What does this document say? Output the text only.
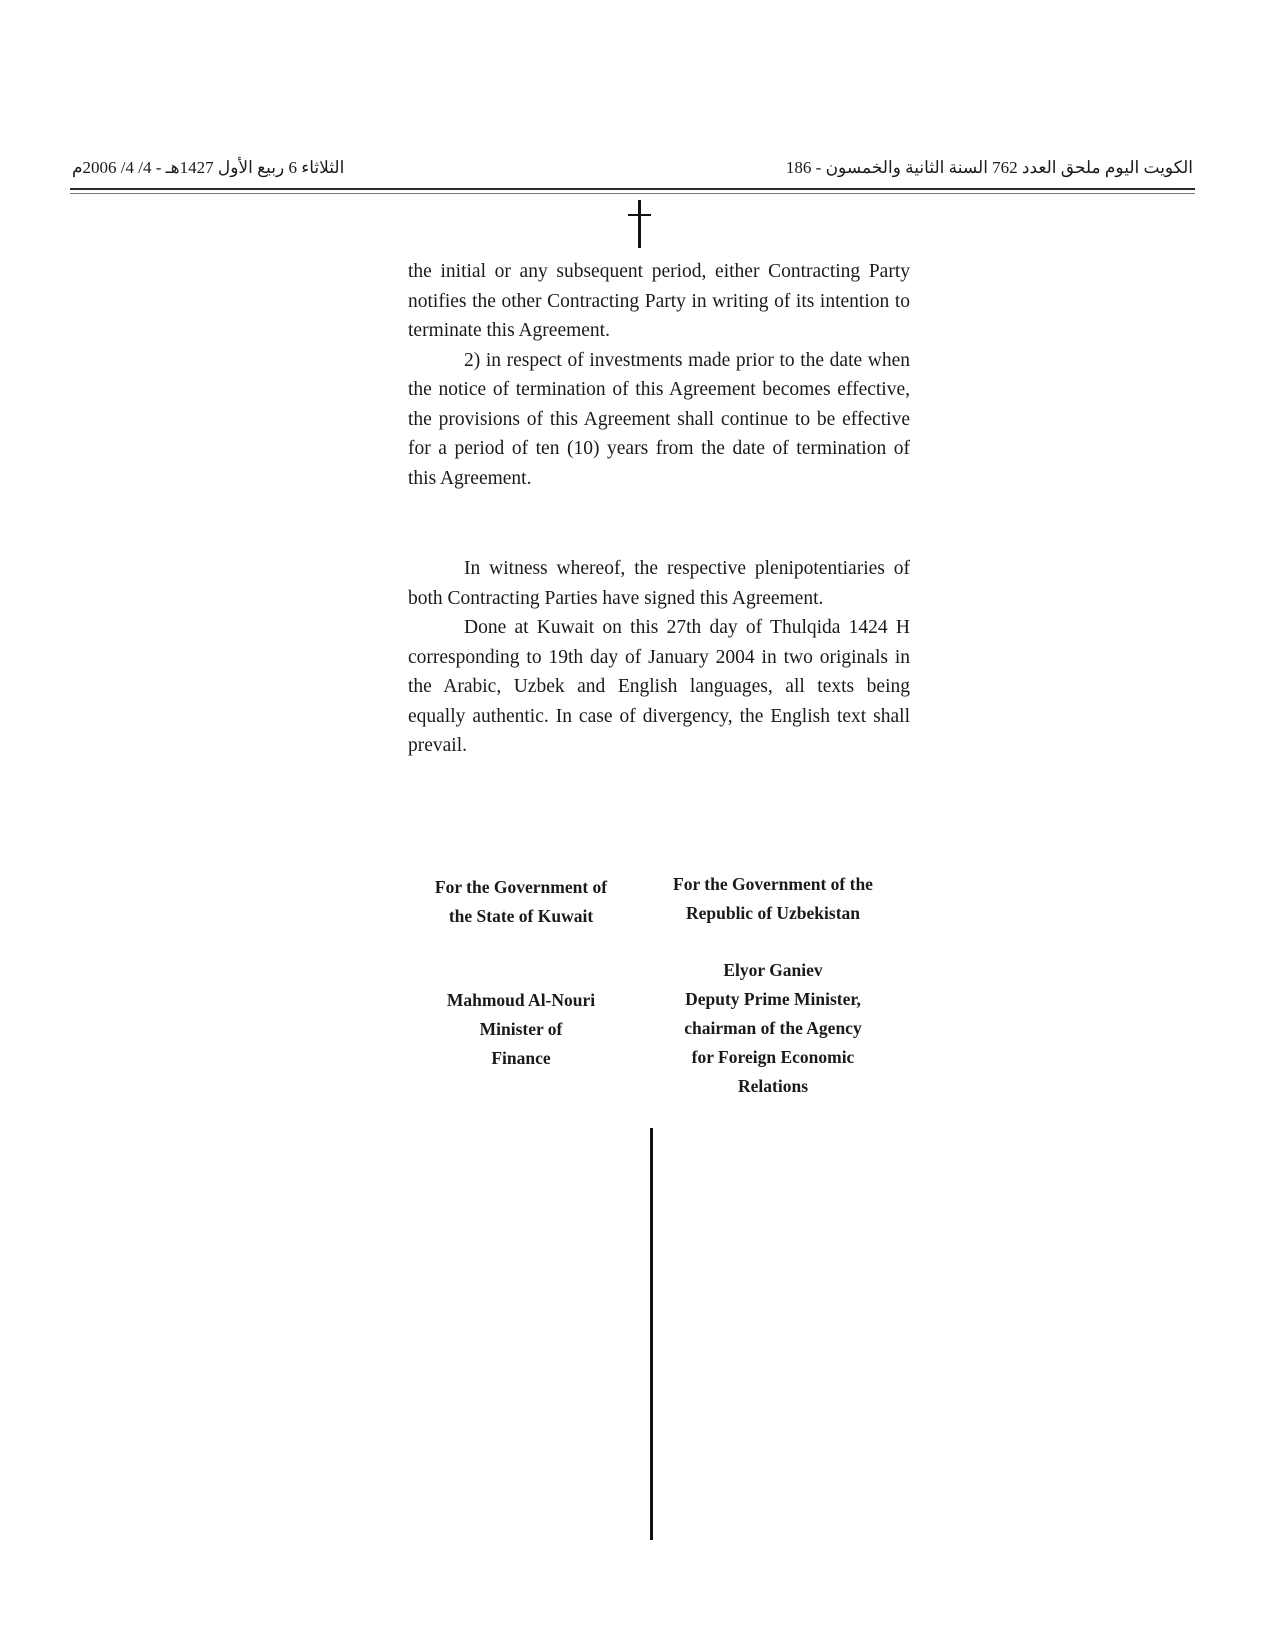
الثلاثاء 6 ربيع الأول 1427هـ - 4/ 4/ 2006م	الكويت اليوم ملحق العدد 762 السنة الثانية والخمسون - 186

the initial or any subsequent period, either Contracting Party notifies the other Contracting Party in writing of its intention to terminate this Agreement.

2) in respect of investments made prior to the date when the notice of termination of this Agreement becomes effective, the provisions of this Agreement shall continue to be effective for a period of ten (10) years from the date of termination of this Agreement.

In witness whereof, the respective plenipotentiaries of both Contracting Parties have signed this Agreement.

Done at Kuwait on this 27th day of Thulqida 1424 H corresponding to 19th day of January 2004 in two originals in the Arabic, Uzbek and English languages, all texts being equally authentic. In case of divergency, the English text shall prevail.

For the Government of
the State of Kuwait
Mahmoud Al-Nouri
Minister of
Finance
For the Government of the
Republic of Uzbekistan
Elyor Ganiev
Deputy Prime Minister,
chairman of the Agency
for Foreign Economic
Relations
